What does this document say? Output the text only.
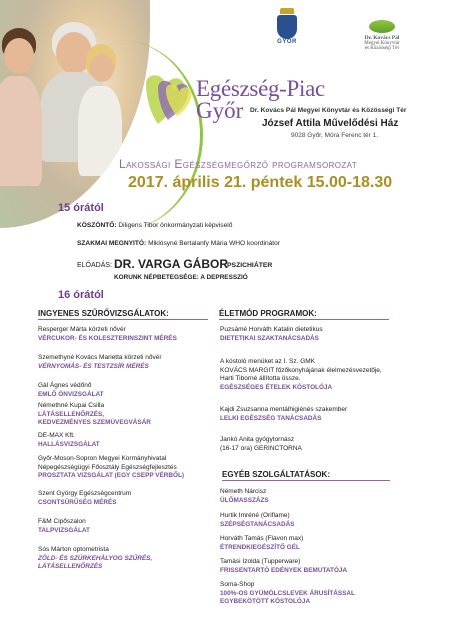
GYŐR
Dr. Kovács Pál
Megyei Könyvtár
és Közösségi Tér
Egészség-Piac
Győr Dr. Kovács Pál Megyei Könyvtár és Közösségi Tér
József Attila Művelődési Ház
9028 Győr, Móra Ferenc tér 1.
Lakossági Egészségmegőrző programsorozat
2017. április 21. péntek 15.00-18.30
15 órától
KÖSZÖNTŐ: Diligens Tibor önkormányzati képviselő
SZAKMAI MEGNYITÓ: Miklósyné Bertalanfy Mária WHO koordinátor
ELŐADÁS: DR. VARGA GÁBOR PSZICHIÁTER
KORUNK NÉPBETEGSÉGE: A DEPRESSZIÓ
16 órától
INGYENES SZŰRŐVIZSGÁLATOK:	ÉLETMÓD PROGRAMOK:
EGYÉB SZOLGÁLTATÁSOK:
Resperger Márta körzeti nővér
VÉRCUKOR- ÉS KOLESZTERINSZINT MÉRÉS
Szemethyné Kovács Marietta körzeti nővér
VÉRNYOMÁS- ÉS TESTZSÍR MÉRÉS
Gál Ágnes védőnő
EMLŐ ÖNVIZSGÁLAT
Némethné Kupai Csilla
LÁTÁSELLENŐRZÉS,
KEDVEZMÉNYES SZEMÜVEGVÁSÁR
DE-MAX Kft.
HALLÁSVIZSGÁLAT
Győr-Moson-Sopron Megyei Kormányhivatal
Népegészségügyi Főosztály Egészségfejlesztés
PROSZTATA VIZSGÁLAT (EGY CSEPP VÉRBŐL)
Szent György Egészségcentrum
CSONTSŰRŰSÉG MÉRÉS
F&M Cipőszalon
TALPVIZSGÁLAT
Sós Márton optometrista
ZÖLD- ÉS SZÜRKEHÁLYOG SZŰRÉS,
LÁTÁSELLENŐRZÉS
Puzsámé Horváth Katalin dietetikus
DIETETIKAI SZAKTANÁCSADÁS
A kóstoló menüket az I. Sz. GMK
KOVÁCS MARGIT főzőkonyhájának élelmezésvezetője,
Harti Tiborné állította össze.
EGÉSZSÉGES ÉTELEK KÓSTOLÓJA
Kajdi Zsuzsanna mentálhigiénés szakember
LELKI EGÉSZSÉG TANÁCSADÁS
Jankó Anita gyógytornász
(16-17 óra) GERINCTORNA
Németh Nárcisz
ÜLŐMASSZÁZS
Hurtik Imréné (Oriflame)
SZÉPSÉGTANÁCSADÁS
Horváth Tamás (Flavon max)
ÉTRENDKIEGÉSZÍTŐ GÉL
Tamási Izolda (Tupperware)
FRISSENTARTÓ EDÉNYEK BEMUTATÓJA
Soma-Shop
100%-OS GYÜMÖLCSLEVEK ÁRUSÍTÁSSAL EGYBEKÖTÖTT KÓSTOLÓJA
